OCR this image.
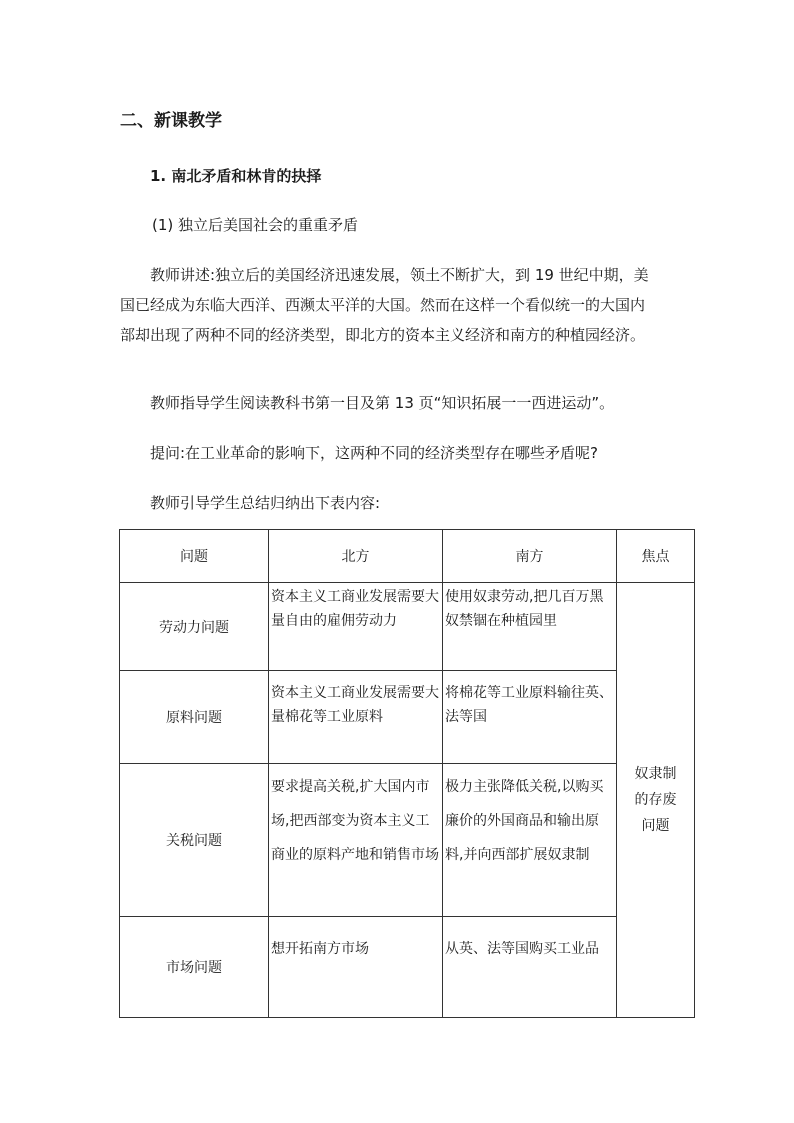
二、新课教学
1. 南北矛盾和林肯的抉择
(1) 独立后美国社会的重重矛盾
教师讲述:独立后的美国经济迅速发展，领土不断扩大，到 19 世纪中期，美
国已经成为东临大西洋、西濒太平洋的大国。然而在这样一个看似统一的大国内
部却出现了两种不同的经济类型，即北方的资本主义经济和南方的种植园经济。
教师指导学生阅读教科书第一目及第 13 页“知识拓展一一西进运动”。
提问:在工业革命的影响下，这两种不同的经济类型存在哪些矛盾呢?
教师引导学生总结归纳出下表内容:
问题	北方	南方	焦点
劳动力问题	资本主义工商业发展需要大量自由的雇佣劳动力	使用奴隶劳动,把几百万黑奴禁锢在种植园里	奴隶制的存废问题
原料问题	资本主义工商业发展需要大量棉花等工业原料	将棉花等工业原料输往英、法等国	
关税问题	要求提高关税,扩大国内市场,把西部变为资本主义工商业的原料产地和销售市场	极力主张降低关税,以购买廉价的外国商品和输出原料,并向西部扩展奴隶制	
市场问题	想开拓南方市场	从英、法等国购买工业品	
